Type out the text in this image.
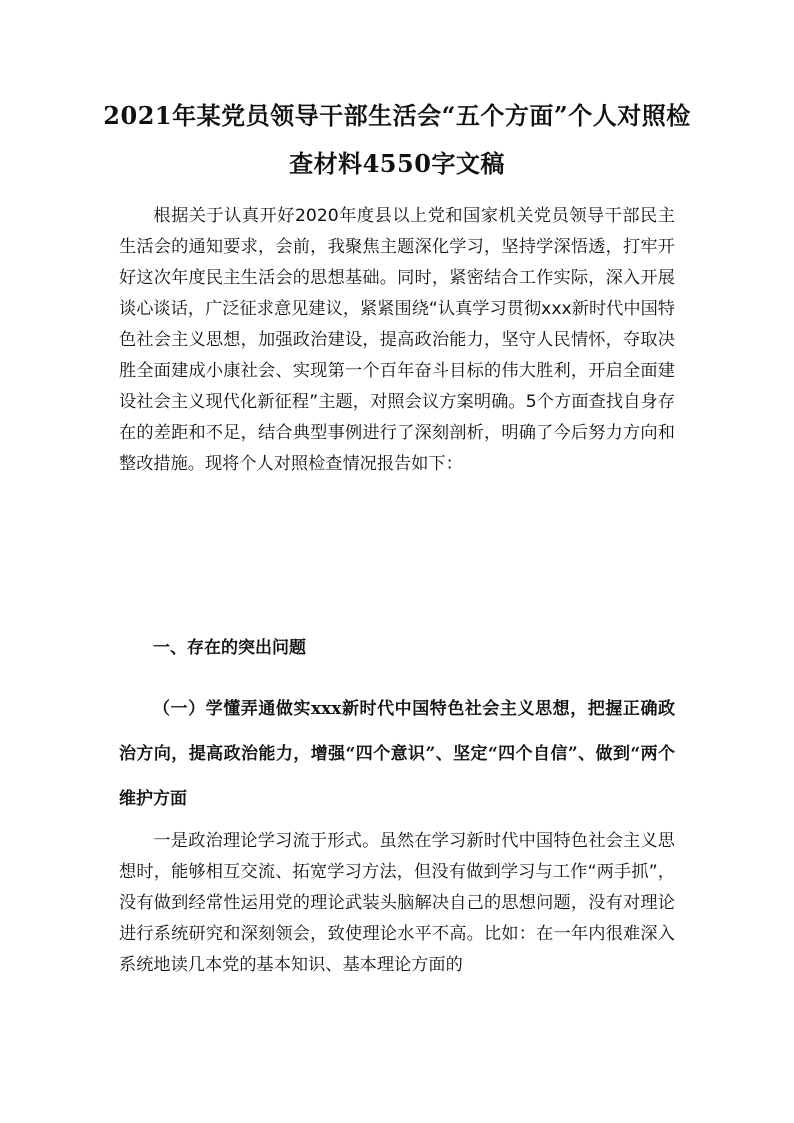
2021年某党员领导干部生活会“五个方面”个人对照检查材料4550字文稿

根据关于认真开好2020年度县以上党和国家机关党员领导干部民主生活会的通知要求，会前，我聚焦主题深化学习，坚持学深悟透，打牢开好这次年度民主生活会的思想基础。同时，紧密结合工作实际，深入开展谈心谈话，广泛征求意见建议，紧紧围绕“认真学习贯彻xxx新时代中国特色社会主义思想，加强政治建设，提高政治能力，坚守人民情怀，夺取决胜全面建成小康社会、实现第一个百年奋斗目标的伟大胜利，开启全面建设社会主义现代化新征程”主题，对照会议方案明确。5个方面查找自身存在的差距和不足，结合典型事例进行了深刻剖析，明确了今后努力方向和整改措施。现将个人对照检查情况报告如下：

一、存在的突出问题
（一）学懂弄通做实xxx新时代中国特色社会主义思想，把握正确政治方向，提高政治能力，增强“四个意识”、坚定“四个自信”、做到“两个维护方面

一是政治理论学习流于形式。虽然在学习新时代中国特色社会主义思想时，能够相互交流、拓宽学习方法，但没有做到学习与工作“两手抓”，没有做到经常性运用党的理论武装头脑解决自己的思想问题，没有对理论进行系统研究和深刻领会，致使理论水平不高。比如：在一年内很难深入系统地读几本党的基本知识、基本理论方面的
